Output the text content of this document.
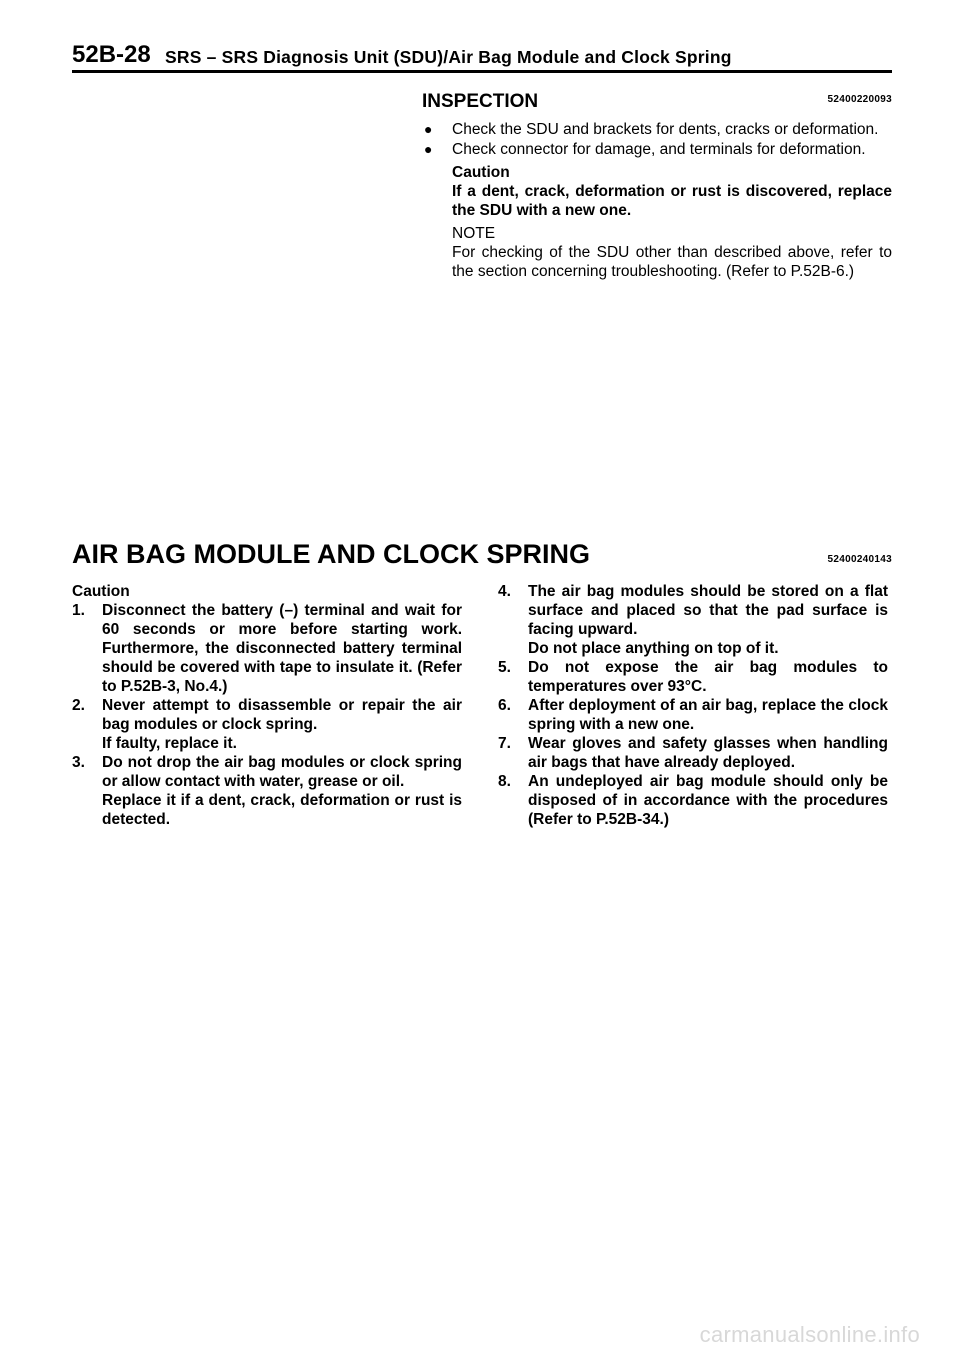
52B-28 SRS – SRS Diagnosis Unit (SDU)/Air Bag Module and Clock Spring
INSPECTION	52400220093
● Check the SDU and brackets for dents, cracks or deformation.
● Check connector for damage, and terminals for deformation.
Caution
If a dent, crack, deformation or rust is discovered, replace the SDU with a new one.
NOTE
For checking of the SDU other than described above, refer to the section concerning troubleshooting. (Refer to P.52B-6.)
AIR BAG MODULE AND CLOCK SPRING	52400240143
Caution
1. Disconnect the battery (–) terminal and wait for 60 seconds or more before starting work. Furthermore, the disconnected battery terminal should be covered with tape to insulate it. (Refer to P.52B-3, No.4.)
2. Never attempt to disassemble or repair the air bag modules or clock spring.
If faulty, replace it.
3. Do not drop the air bag modules or clock spring or allow contact with water, grease or oil.
Replace it if a dent, crack, deformation or rust is detected.
4. The air bag modules should be stored on a flat surface and placed so that the pad surface is facing upward.
Do not place anything on top of it.
5. Do not expose the air bag modules to temperatures over 93°C.
6. After deployment of an air bag, replace the clock spring with a new one.
7. Wear gloves and safety glasses when handling air bags that have already deployed.
8. An undeployed air bag module should only be disposed of in accordance with the procedures (Refer to P.52B-34.)
carmanualsonline.info
